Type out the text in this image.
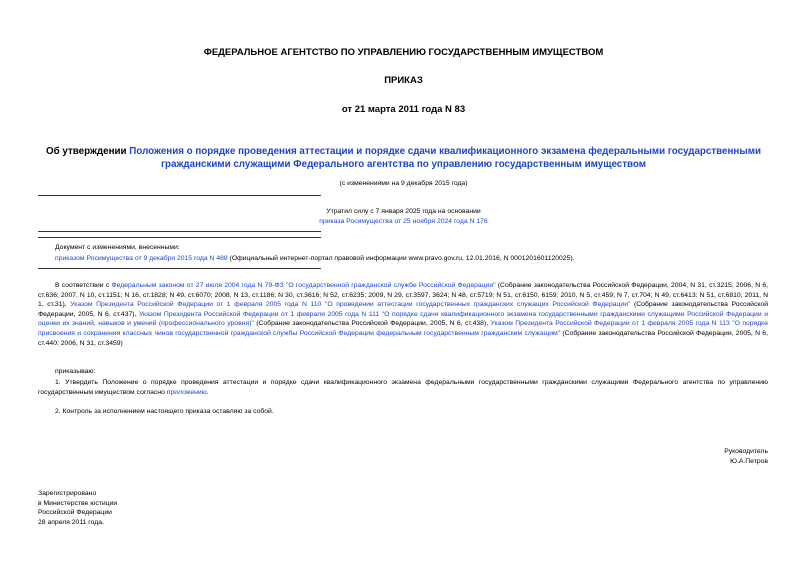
ФЕДЕРАЛЬНОЕ АГЕНТСТВО ПО УПРАВЛЕНИЮ ГОСУДАРСТВЕННЫМ ИМУЩЕСТВОМ
ПРИКАЗ
от 21 марта 2011 года N 83
Об утверждении Положения о порядке проведения аттестации и порядке сдачи квалификационного экзамена федеральными государственными гражданскими служащими Федерального агентства по управлению государственным имуществом
(с изменениями на 9 декабря 2015 года)
Утратил силу с 7 января 2025 года на основании
приказа Росимущества от 25 ноября 2024 года N 178
Документ с изменениями, внесенными:
приказом Росимущества от 9 декабря 2015 года N 488 (Официальный интернет-портал правовой информации www.pravo.gov.ru, 12.01.2016, N 0001201601120025).
В соответствии с Федеральным законом от 27 июля 2004 года N 79-ФЗ "О государственной гражданской службе Российской Федерации" (Собрание законодательства Российской Федерации, 2004, N 31, ст.3215; 2006, N 6, ст.636; 2007, N 10, ст.1151; N 16, ст.1828; N 49, ст.6070; 2008, N 13, ст.1186; N 30, ст.3616; N 52, ст.6235; 2009, N 29, ст.3597, 3624; N 48, ст.5719; N 51, ст.6150, 6159; 2010, N 5, ст.459; N 7, ст.704; N 49, ст.6413; N 51, ст.6810; 2011, N 1, ст.31), Указом Президента Российской Федерации от 1 февраля 2005 года N 110 "О проведении аттестации государственных гражданских служащих Российской Федерации" (Собрание законодательства Российской Федерации, 2005, N 6, ст.437), Указом Президента Российской Федерации от 1 февраля 2005 года N 111 "О порядке сдачи квалификационного экзамена государственными гражданскими служащими Российской Федерации и оценки их знаний, навыков и умений (профессионального уровня)" (Собрание законодательства Российской Федерации, 2005, N 6, ст.438), Указом Президента Российской Федерации от 1 февраля 2005 года N 113 "О порядке присвоения и сохранения классных чинов государственной гражданской службы Российской Федерации федеральным государственным гражданским служащим" (Собрание законодательства Российской Федерации, 2005, N 6, ст.440; 2006, N 31, ст.3459)
приказываю:
1. Утвердить Положение о порядке проведения аттестации и порядке сдачи квалификационного экзамена федеральными государственными гражданскими служащими Федерального агентства по управлению государственным имуществом согласно приложению.
2. Контроль за исполнением настоящего приказа оставляю за собой.
Руководитель
Ю.А.Петров
Зарегистрировано
в Министерстве юстиции
Российской Федерации
28 апреля 2011 года,
